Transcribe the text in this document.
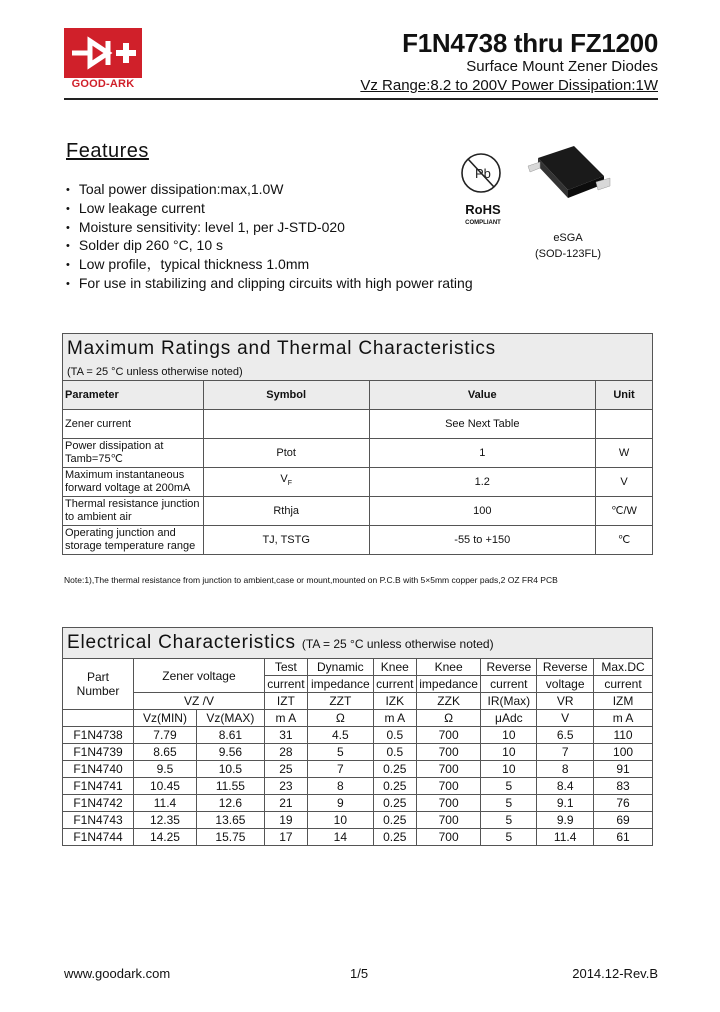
GOOD-ARK
F1N4738 thru FZ1200
Surface Mount Zener Diodes
Vz Range:8.2 to 200V Power Dissipation:1W
Features
• Toal power dissipation:max,1.0W
• Low leakage current
• Moisture sensitivity: level 1, per J-STD-020
• Solder dip 260 °C, 10 s
• Low profile，typical thickness 1.0mm
• For use in stabilizing and clipping circuits with high power rating
Pb
RoHS
COMPLIANT
eSGA
(SOD-123FL)
Maximum Ratings and Thermal Characteristics			
(TA = 25 °C unless otherwise noted)			
Parameter	Symbol	Value	Unit
Zener current		See Next Table	
Power dissipation at Tamb=75℃	Ptot	1	W
Maximum instantaneous forward voltage at 200mA	$V_F$	1.2	V
Thermal resistance junction to ambient air	Rthja	100	℃/W
Operating junction and storage temperature range	TJ, TSTG	-55 to +150	℃
Note:1),The thermal resistance from junction to ambient,case or mount,mounted on P.C.B with 5×5mm copper pads,2 OZ FR4 PCB
Electrical Characteristics (TA = 25 °C unless otherwise noted)									
Part Number	Zener voltage		Test	Dynamic	Knee	Knee	Reverse	Reverse	Max.DC
			current	impedance	current	impedance	current	voltage	current
	VZ /V		IZT	ZZT	IZK	ZZK	IR(Max)	VR	IZM
	Vz(MIN)	Vz(MAX)	m A	Ω	m A	Ω	μAdc	V	m A
F1N4738	7.79	8.61	31	4.5	0.5	700	10	6.5	110
F1N4739	8.65	9.56	28	5	0.5	700	10	7	100
F1N4740	9.5	10.5	25	7	0.25	700	10	8	91
F1N4741	10.45	11.55	23	8	0.25	700	5	8.4	83
F1N4742	11.4	12.6	21	9	0.25	700	5	9.1	76
F1N4743	12.35	13.65	19	10	0.25	700	5	9.9	69
F1N4744	14.25	15.75	17	14	0.25	700	5	11.4	61
www.goodark.com	1/5	2014.12-Rev.B
